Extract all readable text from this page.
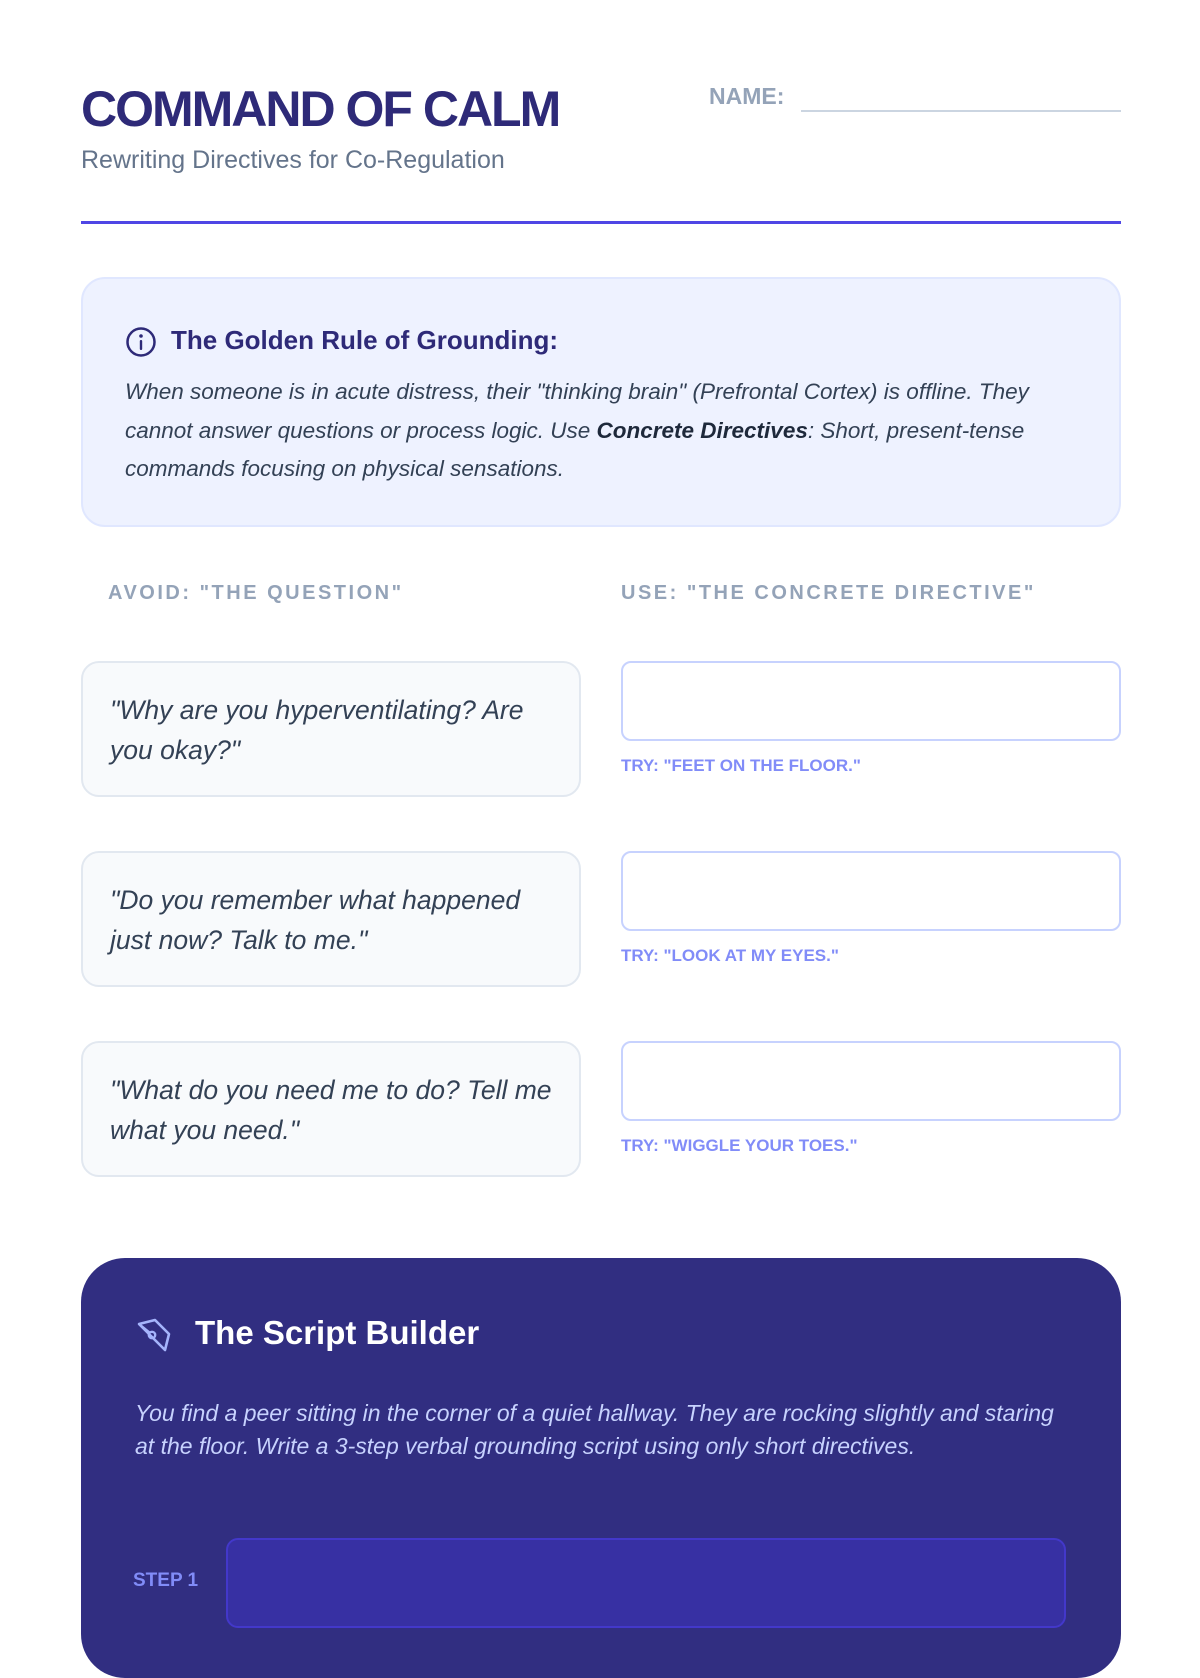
COMMAND OF CALM
Rewriting Directives for Co-Regulation
NAME:
The Golden Rule of Grounding:
When someone is in acute distress, their "thinking brain" (Prefrontal Cortex) is offline. They cannot answer questions or process logic. Use Concrete Directives: Short, present-tense commands focusing on physical sensations.
AVOID: "THE QUESTION"	USE: "THE CONCRETE DIRECTIVE"
"Why are you hyperventilating? Are you okay?"
TRY: "FEET ON THE FLOOR."
"Do you remember what happened just now? Talk to me."
TRY: "LOOK AT MY EYES."
"What do you need me to do? Tell me what you need."
TRY: "WIGGLE YOUR TOES."
The Script Builder
You find a peer sitting in the corner of a quiet hallway. They are rocking slightly and staring at the floor. Write a 3-step verbal grounding script using only short directives.
STEP 1
